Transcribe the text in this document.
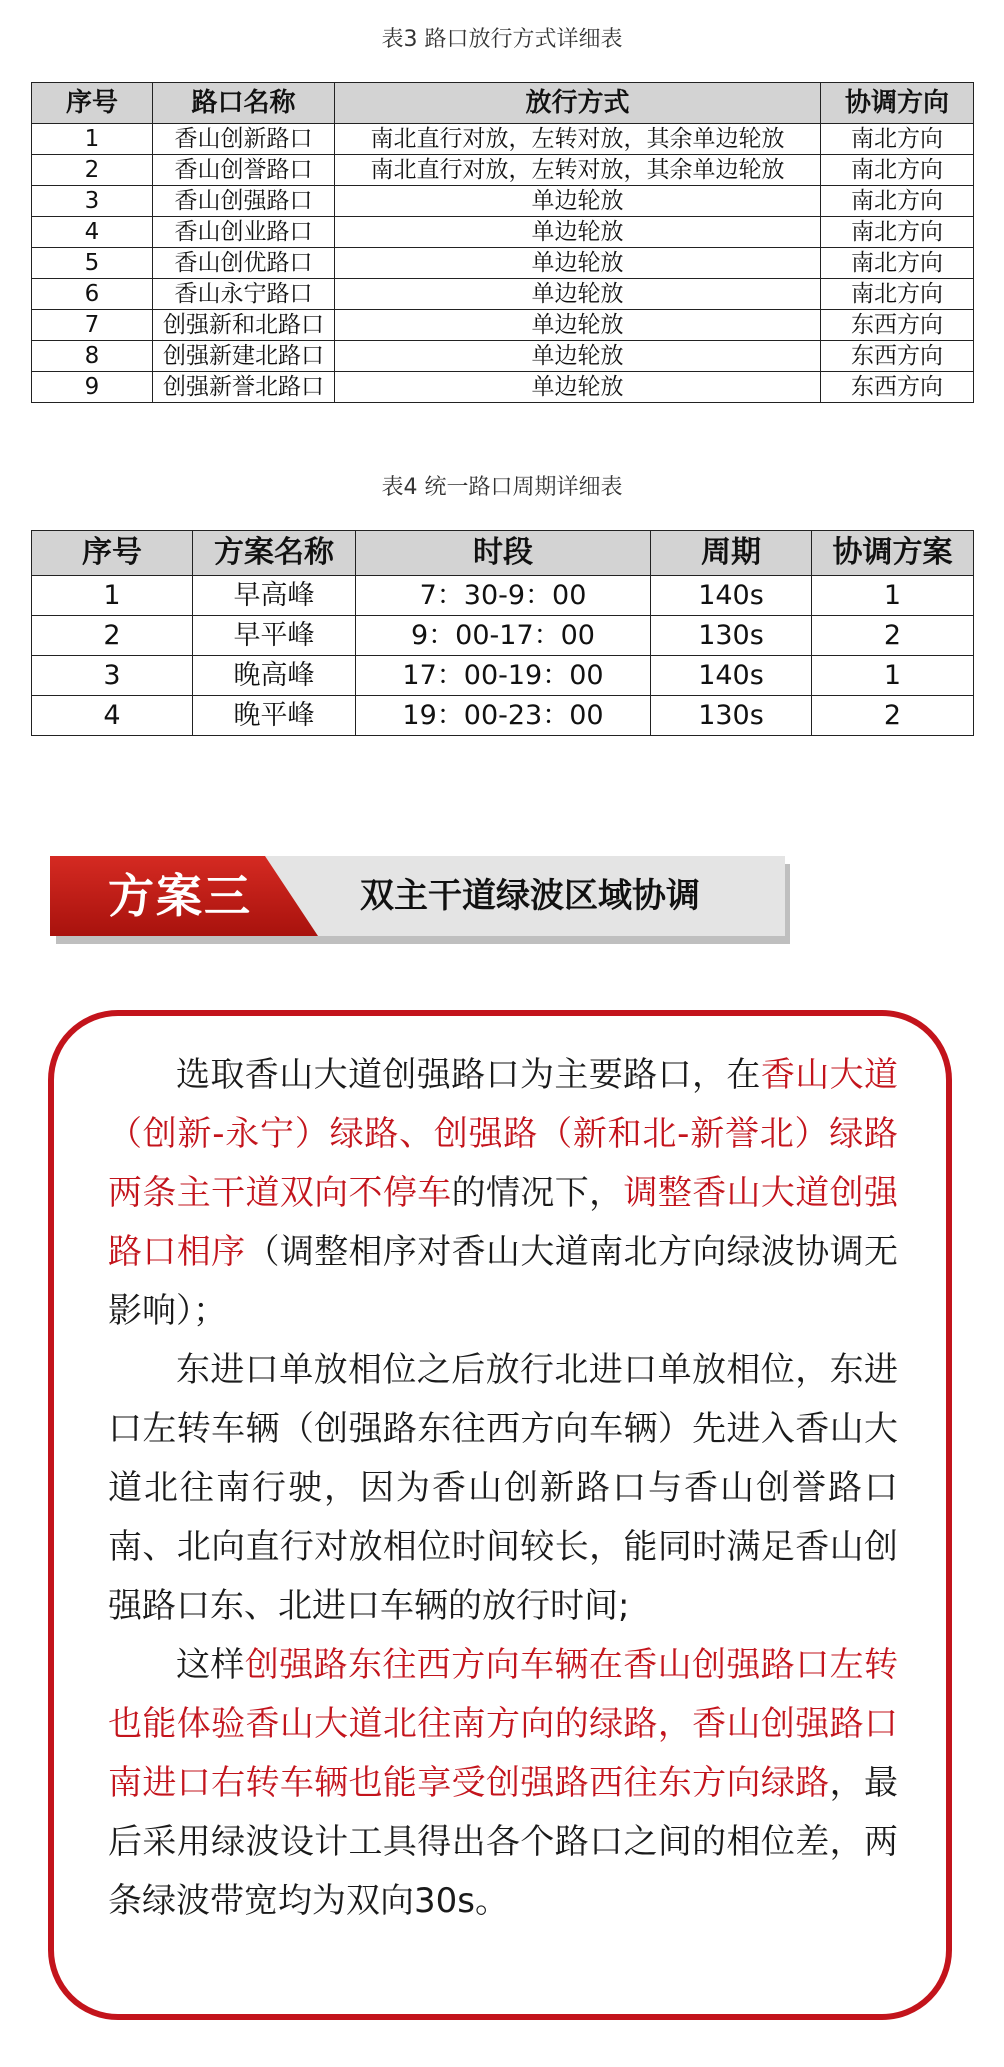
表3 路口放行方式详细表
序号	路口名称	放行方式	协调方向
1	香山创新路口	南北直行对放，左转对放，其余单边轮放	南北方向
2	香山创誉路口	南北直行对放，左转对放，其余单边轮放	南北方向
3	香山创强路口	单边轮放	南北方向
4	香山创业路口	单边轮放	南北方向
5	香山创优路口	单边轮放	南北方向
6	香山永宁路口	单边轮放	南北方向
7	创强新和北路口	单边轮放	东西方向
8	创强新建北路口	单边轮放	东西方向
9	创强新誉北路口	单边轮放	东西方向
表4 统一路口周期详细表
序号	方案名称	时段	周期	协调方案
1	早高峰	7：30-9：00	140s	1
2	早平峰	9：00-17：00	130s	2
3	晚高峰	17：00-19：00	140s	1
4	晚平峰	19：00-23：00	130s	2
方案三	双主干道绿波区域协调

选取香山大道创强路口为主要路口，在香山大道（创新-永宁）绿路、创强路（新和北-新誉北）绿路两条主干道双向不停车的情况下，调整香山大道创强路口相序（调整相序对香山大道南北方向绿波协调无影响）；

东进口单放相位之后放行北进口单放相位，东进口左转车辆（创强路东往西方向车辆）先进入香山大道北往南行驶，因为香山创新路口与香山创誉路口南、北向直行对放相位时间较长，能同时满足香山创强路口东、北进口车辆的放行时间;

这样创强路东往西方向车辆在香山创强路口左转也能体验香山大道北往南方向的绿路，香山创强路口南进口右转车辆也能享受创强路西往东方向绿路，最后采用绿波设计工具得出各个路口之间的相位差，两条绿波带宽均为双向30s。
